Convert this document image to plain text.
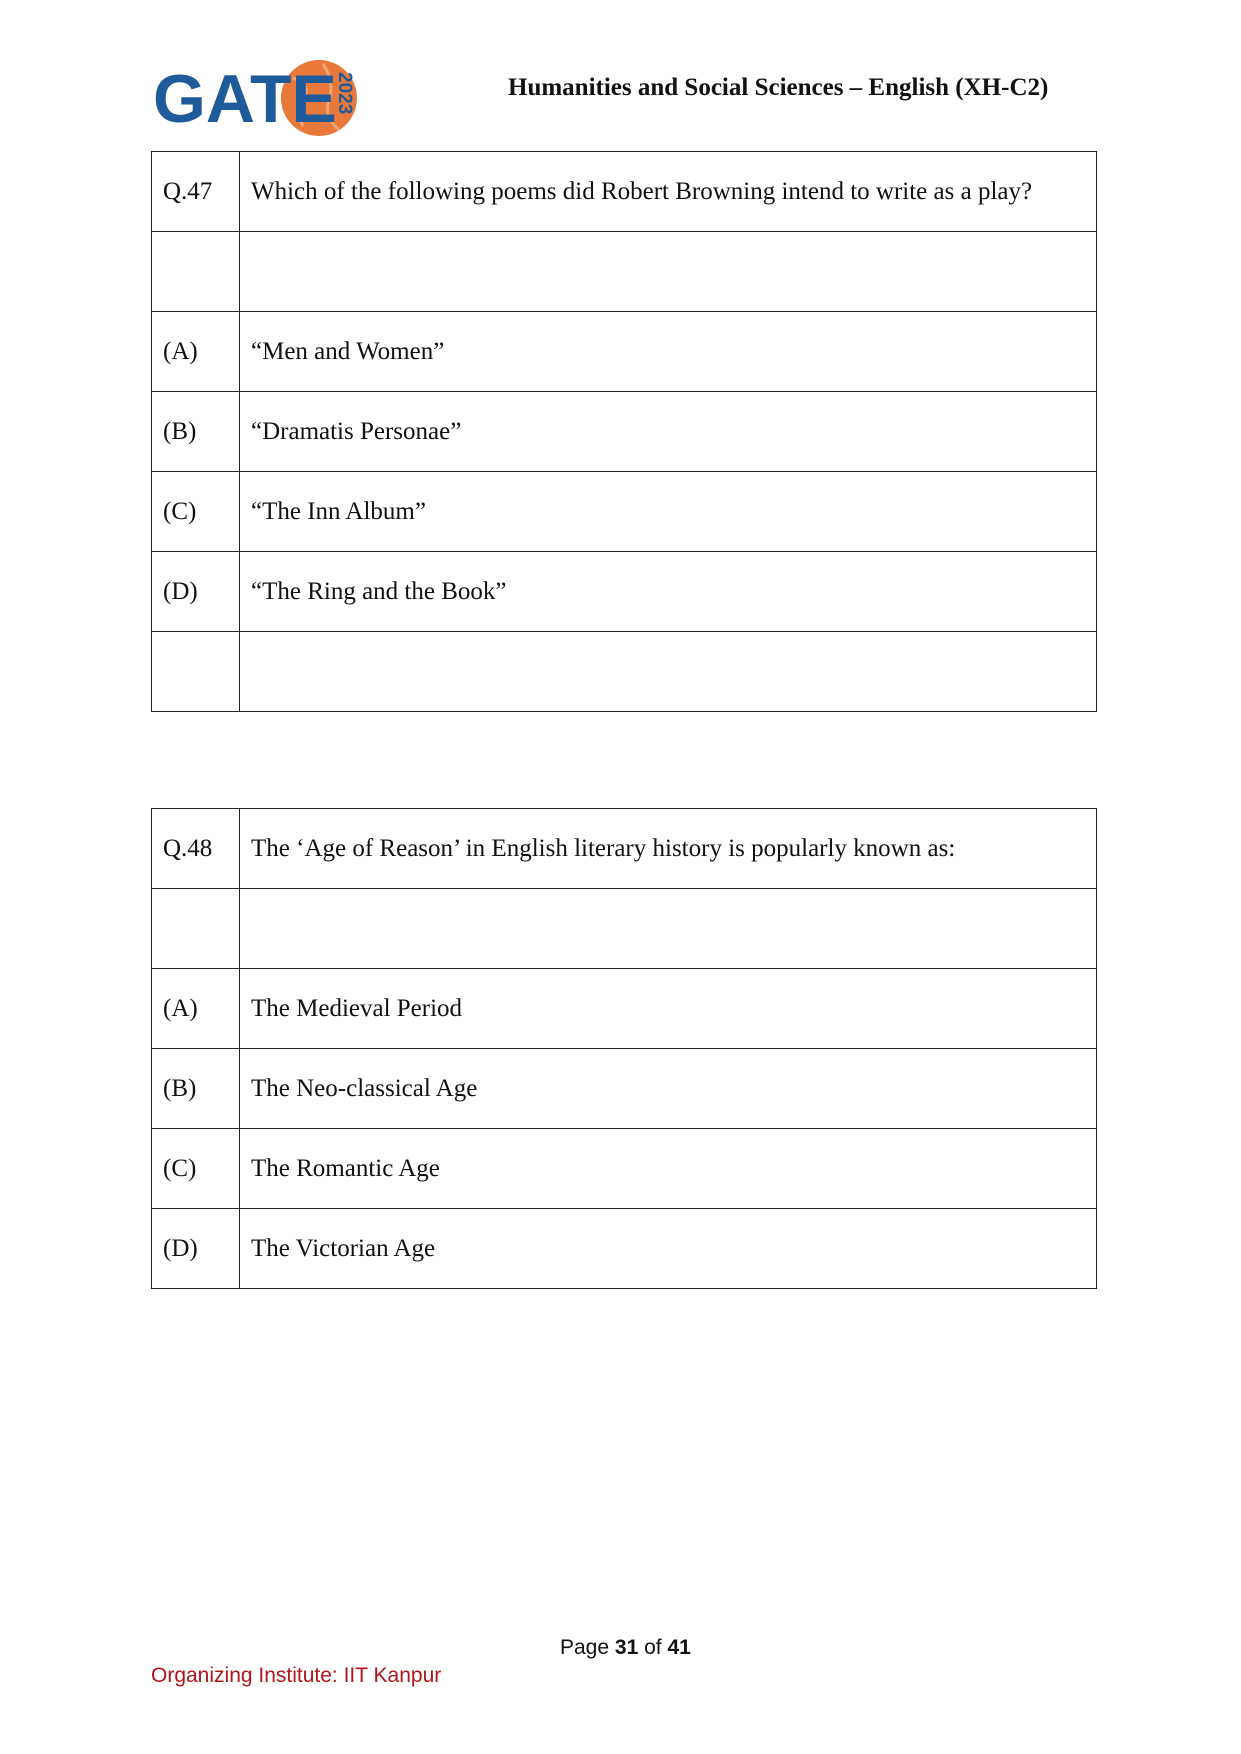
GATE
2023	Humanities and Social Sciences – English (XH-C2)
Q.47	Which of the following poems did Robert Browning intend to write as a play?

(A)	“Men and Women”
(B)	“Dramatis Personae”
(C)	“The Inn Album”
(D)	“The Ring and the Book”

Q.48	The ‘Age of Reason’ in English literary history is popularly known as:

(A)	The Medieval Period
(B)	The Neo-classical Age
(C)	The Romantic Age
(D)	The Victorian Age
Page 31 of 41
Organizing Institute: IIT Kanpur
